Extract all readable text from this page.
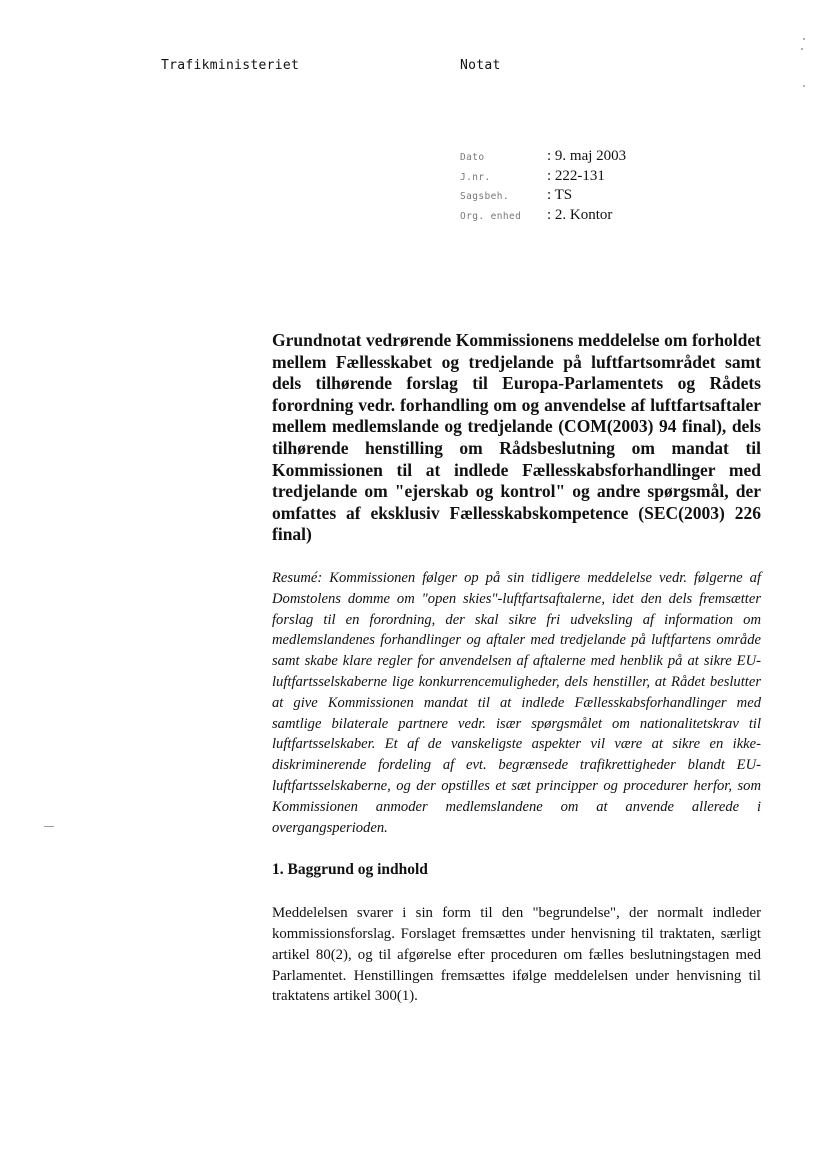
Trafikministeriet	Notat
Dato	: 9. maj 2003
J.nr.	: 222-131
Sagsbeh.	: TS
Org. enhed	: 2. Kontor

Grundnotat vedrørende Kommissionens meddelelse om forholdet mellem Fællesskabet og tredjelande på luftfartsområdet samt dels tilhørende forslag til Europa-Parlamentets og Rådets forordning vedr. forhandling om og anvendelse af luftfartsaftaler mellem medlemslande og tredjelande (COM(2003) 94 final), dels tilhørende henstilling om Rådsbeslutning om mandat til Kommissionen til at indlede Fællesskabsforhandlinger med tredjelande om "ejerskab og kontrol" og andre spørgsmål, der omfattes af eksklusiv Fællesskabskompetence (SEC(2003) 226 final)

Resumé: Kommissionen følger op på sin tidligere meddelelse vedr. følgerne af Domstolens domme om "open skies"-luftfartsaftalerne, idet den dels fremsætter forslag til en forordning, der skal sikre fri udveksling af information om medlemslandenes forhandlinger og aftaler med tredjelande på luftfartens område samt skabe klare regler for anvendelsen af aftalerne med henblik på at sikre EU-luftfartsselskaberne lige konkurrencemuligheder, dels henstiller, at Rådet beslutter at give Kommissionen mandat til at indlede Fællesskabsforhandlinger med samtlige bilaterale partnere vedr. især spørgsmålet om nationalitetskrav til luftfartsselskaber. Et af de vanskeligste aspekter vil være at sikre en ikke-diskriminerende fordeling af evt. begrænsede trafikrettigheder blandt EU-luftfartsselskaberne, og der opstilles et sæt principper og procedurer herfor, som Kommissionen anmoder medlemslandene om at anvende allerede i overgangsperioden.

1. Baggrund og indhold

Meddelelsen svarer i sin form til den "begrundelse", der normalt indleder kommissionsforslag. Forslaget fremsættes under henvisning til traktaten, særligt artikel 80(2), og til afgørelse efter proceduren om fælles beslutningstagen med Parlamentet. Henstillingen fremsættes ifølge meddelelsen under henvisning til traktatens artikel 300(1).
